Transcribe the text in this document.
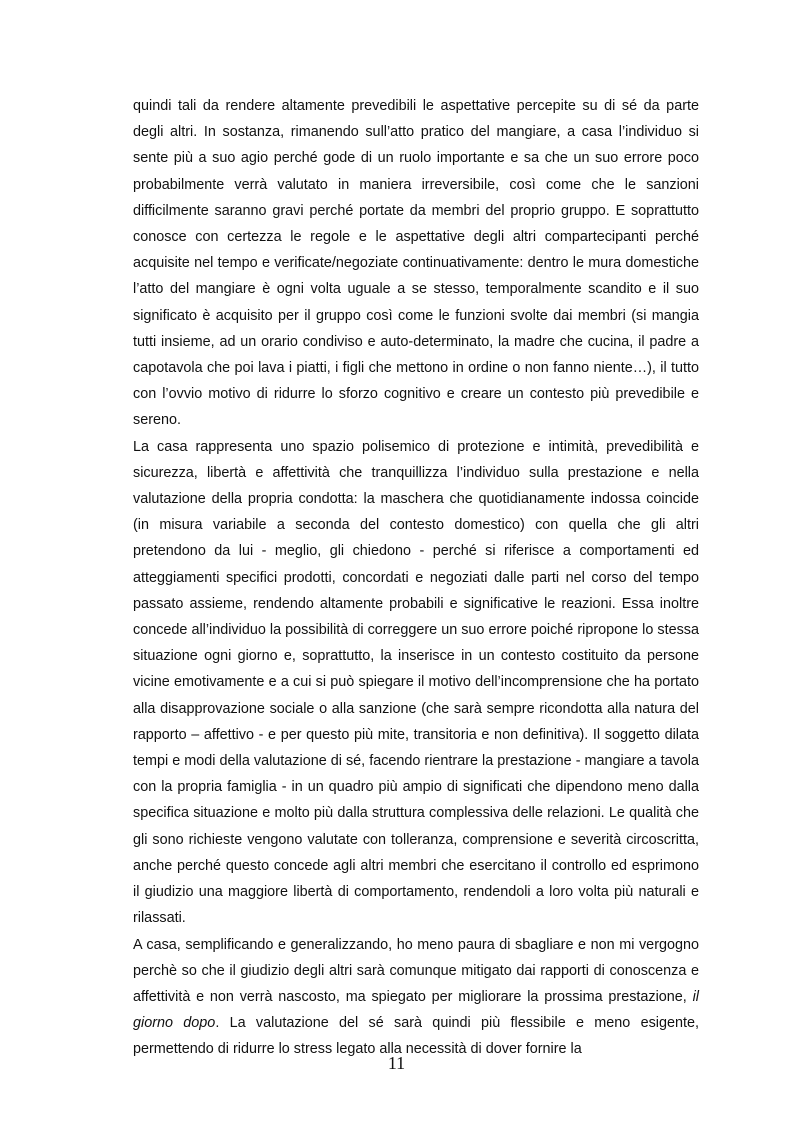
quindi tali da rendere altamente prevedibili le aspettative percepite su di sé da parte degli altri. In sostanza, rimanendo sull’atto pratico del mangiare, a casa l’individuo si sente più a suo agio perché gode di un ruolo importante e sa che un suo errore poco probabilmente verrà valutato in maniera irreversibile, così come che le sanzioni difficilmente saranno gravi perché portate da membri del proprio gruppo. E soprattutto conosce con certezza le regole e le aspettative degli altri compartecipanti perché acquisite nel tempo e verificate/negoziate continuativamente: dentro le mura domestiche l’atto del mangiare è ogni volta uguale a se stesso, temporalmente scandito e il suo significato è acquisito per il gruppo così come le funzioni svolte dai membri (si mangia tutti insieme, ad un orario condiviso e auto-determinato, la madre che cucina, il padre a capotavola che poi lava i piatti, i figli che mettono in ordine o non fanno niente…), il tutto con l’ovvio motivo di ridurre lo sforzo cognitivo e creare un contesto più prevedibile e sereno.

La casa rappresenta uno spazio polisemico di protezione e intimità, prevedibilità e sicurezza, libertà e affettività che tranquillizza l’individuo sulla prestazione e nella valutazione della propria condotta: la maschera che quotidianamente indossa coincide (in misura variabile a seconda del contesto domestico) con quella che gli altri pretendono da lui - meglio, gli chiedono - perché si riferisce a comportamenti ed atteggiamenti specifici prodotti, concordati e negoziati dalle parti nel corso del tempo passato assieme, rendendo altamente probabili e significative le reazioni. Essa inoltre concede all’individuo la possibilità di correggere un suo errore poiché ripropone lo stessa situazione ogni giorno e, soprattutto, la inserisce in un contesto costituito da persone vicine emotivamente e a cui si può spiegare il motivo dell’incomprensione che ha portato alla disapprovazione sociale o alla sanzione (che sarà sempre ricondotta alla natura del rapporto – affettivo - e per questo più mite, transitoria e non definitiva). Il soggetto dilata tempi e modi della valutazione di sé, facendo rientrare la prestazione - mangiare a tavola con la propria famiglia - in un quadro più ampio di significati che dipendono meno dalla specifica situazione e molto più dalla struttura complessiva delle relazioni. Le qualità che gli sono richieste vengono valutate con tolleranza, comprensione e severità circoscritta, anche perché questo concede agli altri membri che esercitano il controllo ed esprimono il giudizio una maggiore libertà di comportamento, rendendoli a loro volta più naturali e rilassati.

A casa, semplificando e generalizzando, ho meno paura di sbagliare e non mi vergogno perchè so che il giudizio degli altri sarà comunque mitigato dai rapporti di conoscenza e affettività e non verrà nascosto, ma spiegato per migliorare la prossima prestazione, il giorno dopo. La valutazione del sé sarà quindi più flessibile e meno esigente, permettendo di ridurre lo stress legato alla necessità di dover fornire la

11
